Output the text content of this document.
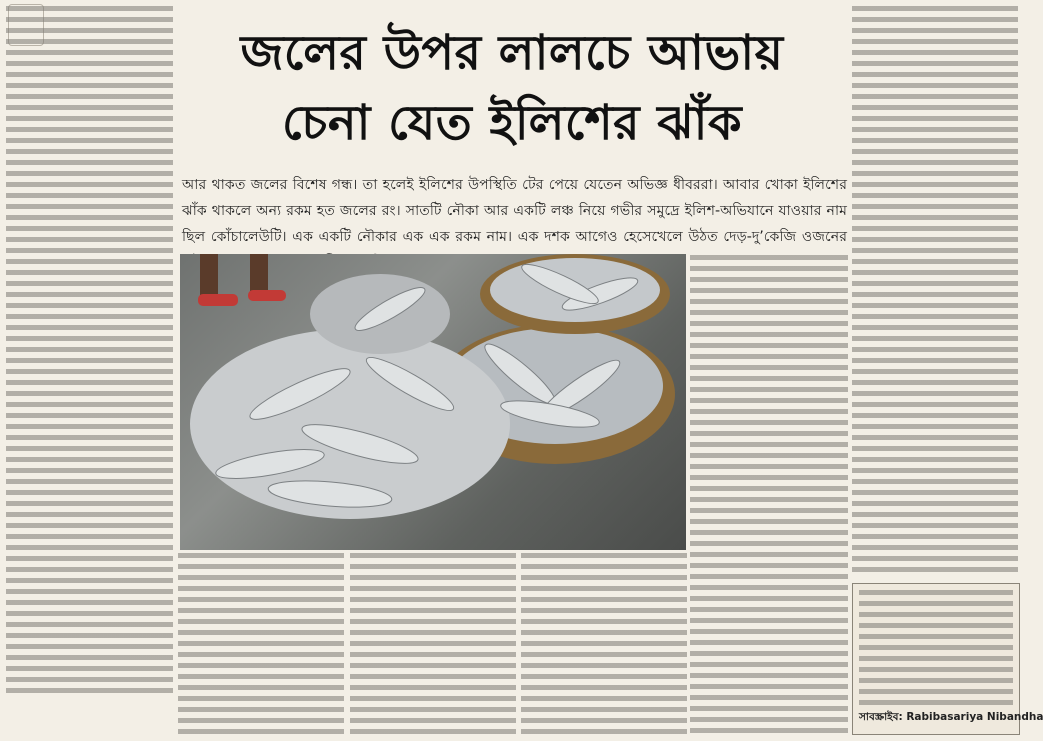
জলের উপর লালচে আভায়
চেনা যেত ইলিশের ঝাঁক
আর থাকত জলের বিশেষ গন্ধ। তা হলেই ইলিশের উপস্থিতি টের পেয়ে যেতেন অভিজ্ঞ ধীবররা। আবার খোকা ইলিশের ঝাঁক থাকলে অন্য রকম হত জলের রং। সাতটি নৌকা আর একটি লঞ্চ নিয়ে গভীর সমুদ্রে ইলিশ-অভিযানে যাওয়ার নাম ছিল কোঁচালেউটি। এক একটি নৌকার এক এক রকম নাম। এক দশক আগেও হেসেখেলে উঠত দেড়-দু’কেজি ওজনের
সাবস্ক্রাইব: Rabibasariya Nibandha
